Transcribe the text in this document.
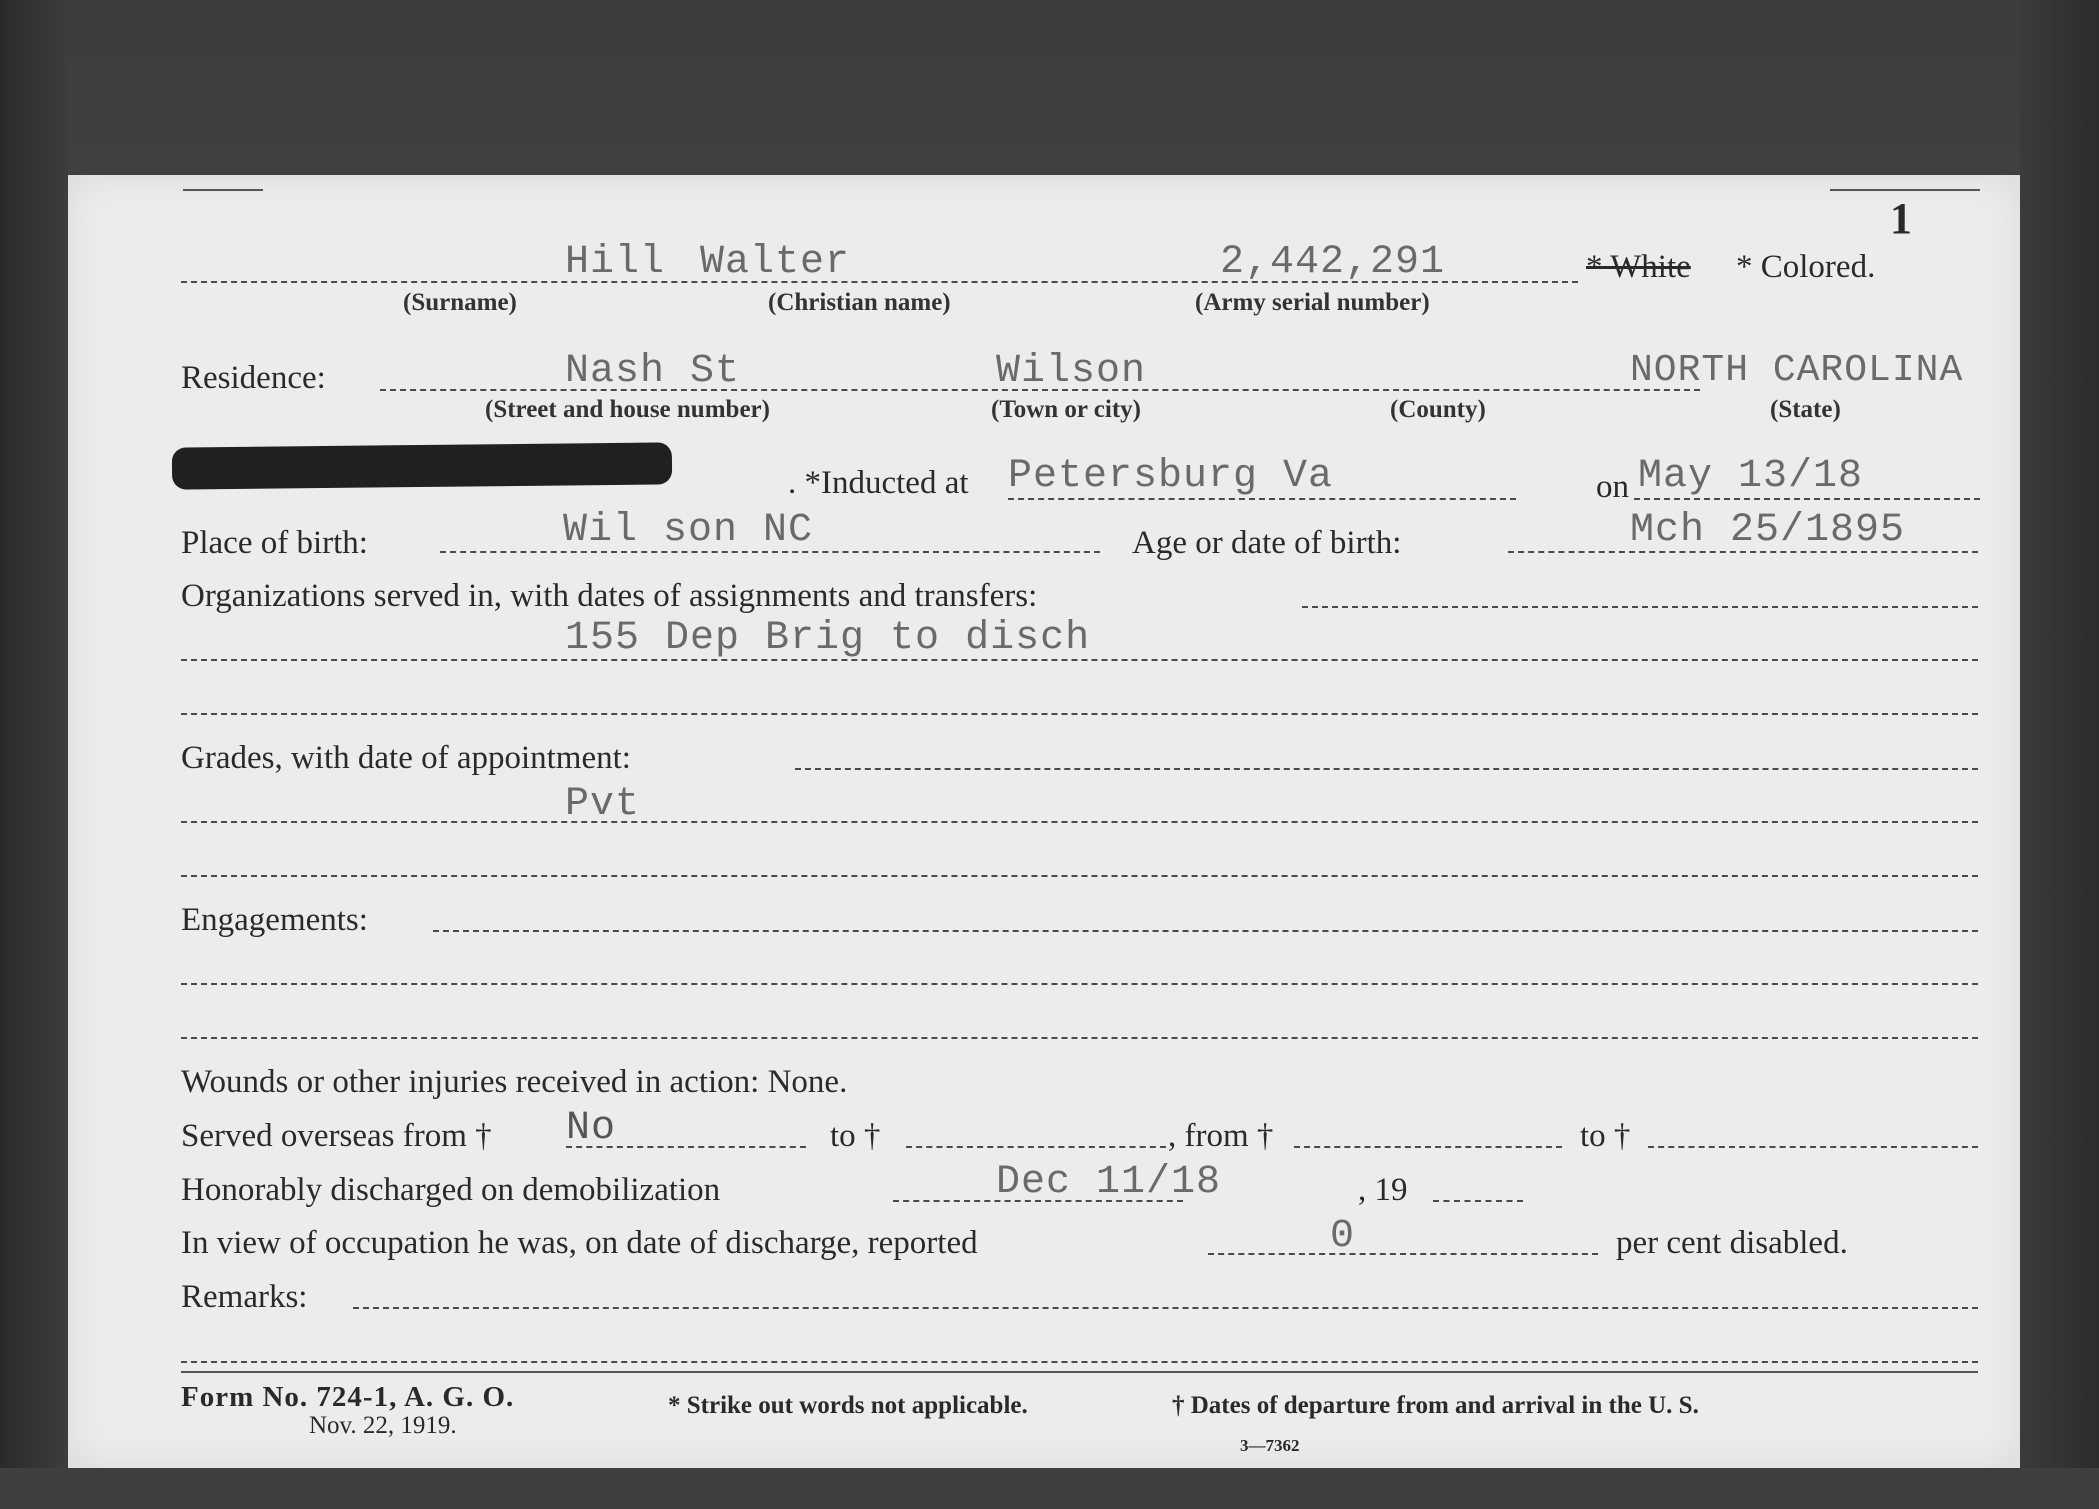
1
Hill Walter	2,442,291	* White * Colored.
(Surname)	(Christian name)	(Army serial number)
Residence:	Nash St	Wilson	NORTH CAROLINA
(Street and house number)	(Town or city)	(County)	(State)
. *Inducted at Petersburg Va	on May 13/18
Place of birth:	Wil son NC	Age or date of birth:	Mch 25/1895
Organizations served in, with dates of assignments and transfers:
155 Dep Brig to disch
Grades, with date of appointment:
Pvt
Engagements:
Wounds or other injuries received in action: None.
Served overseas from † No	to †	, from †	to †
Honorably discharged on demobilization	Dec 11/18	, 19
In view of occupation he was, on date of discharge, reported	0	per cent disabled.
Remarks:
Form No. 724-1, A. G. O.
Nov. 22, 1919.
* Strike out words not applicable.	† Dates of departure from and arrival in the U. S.
3—7362
